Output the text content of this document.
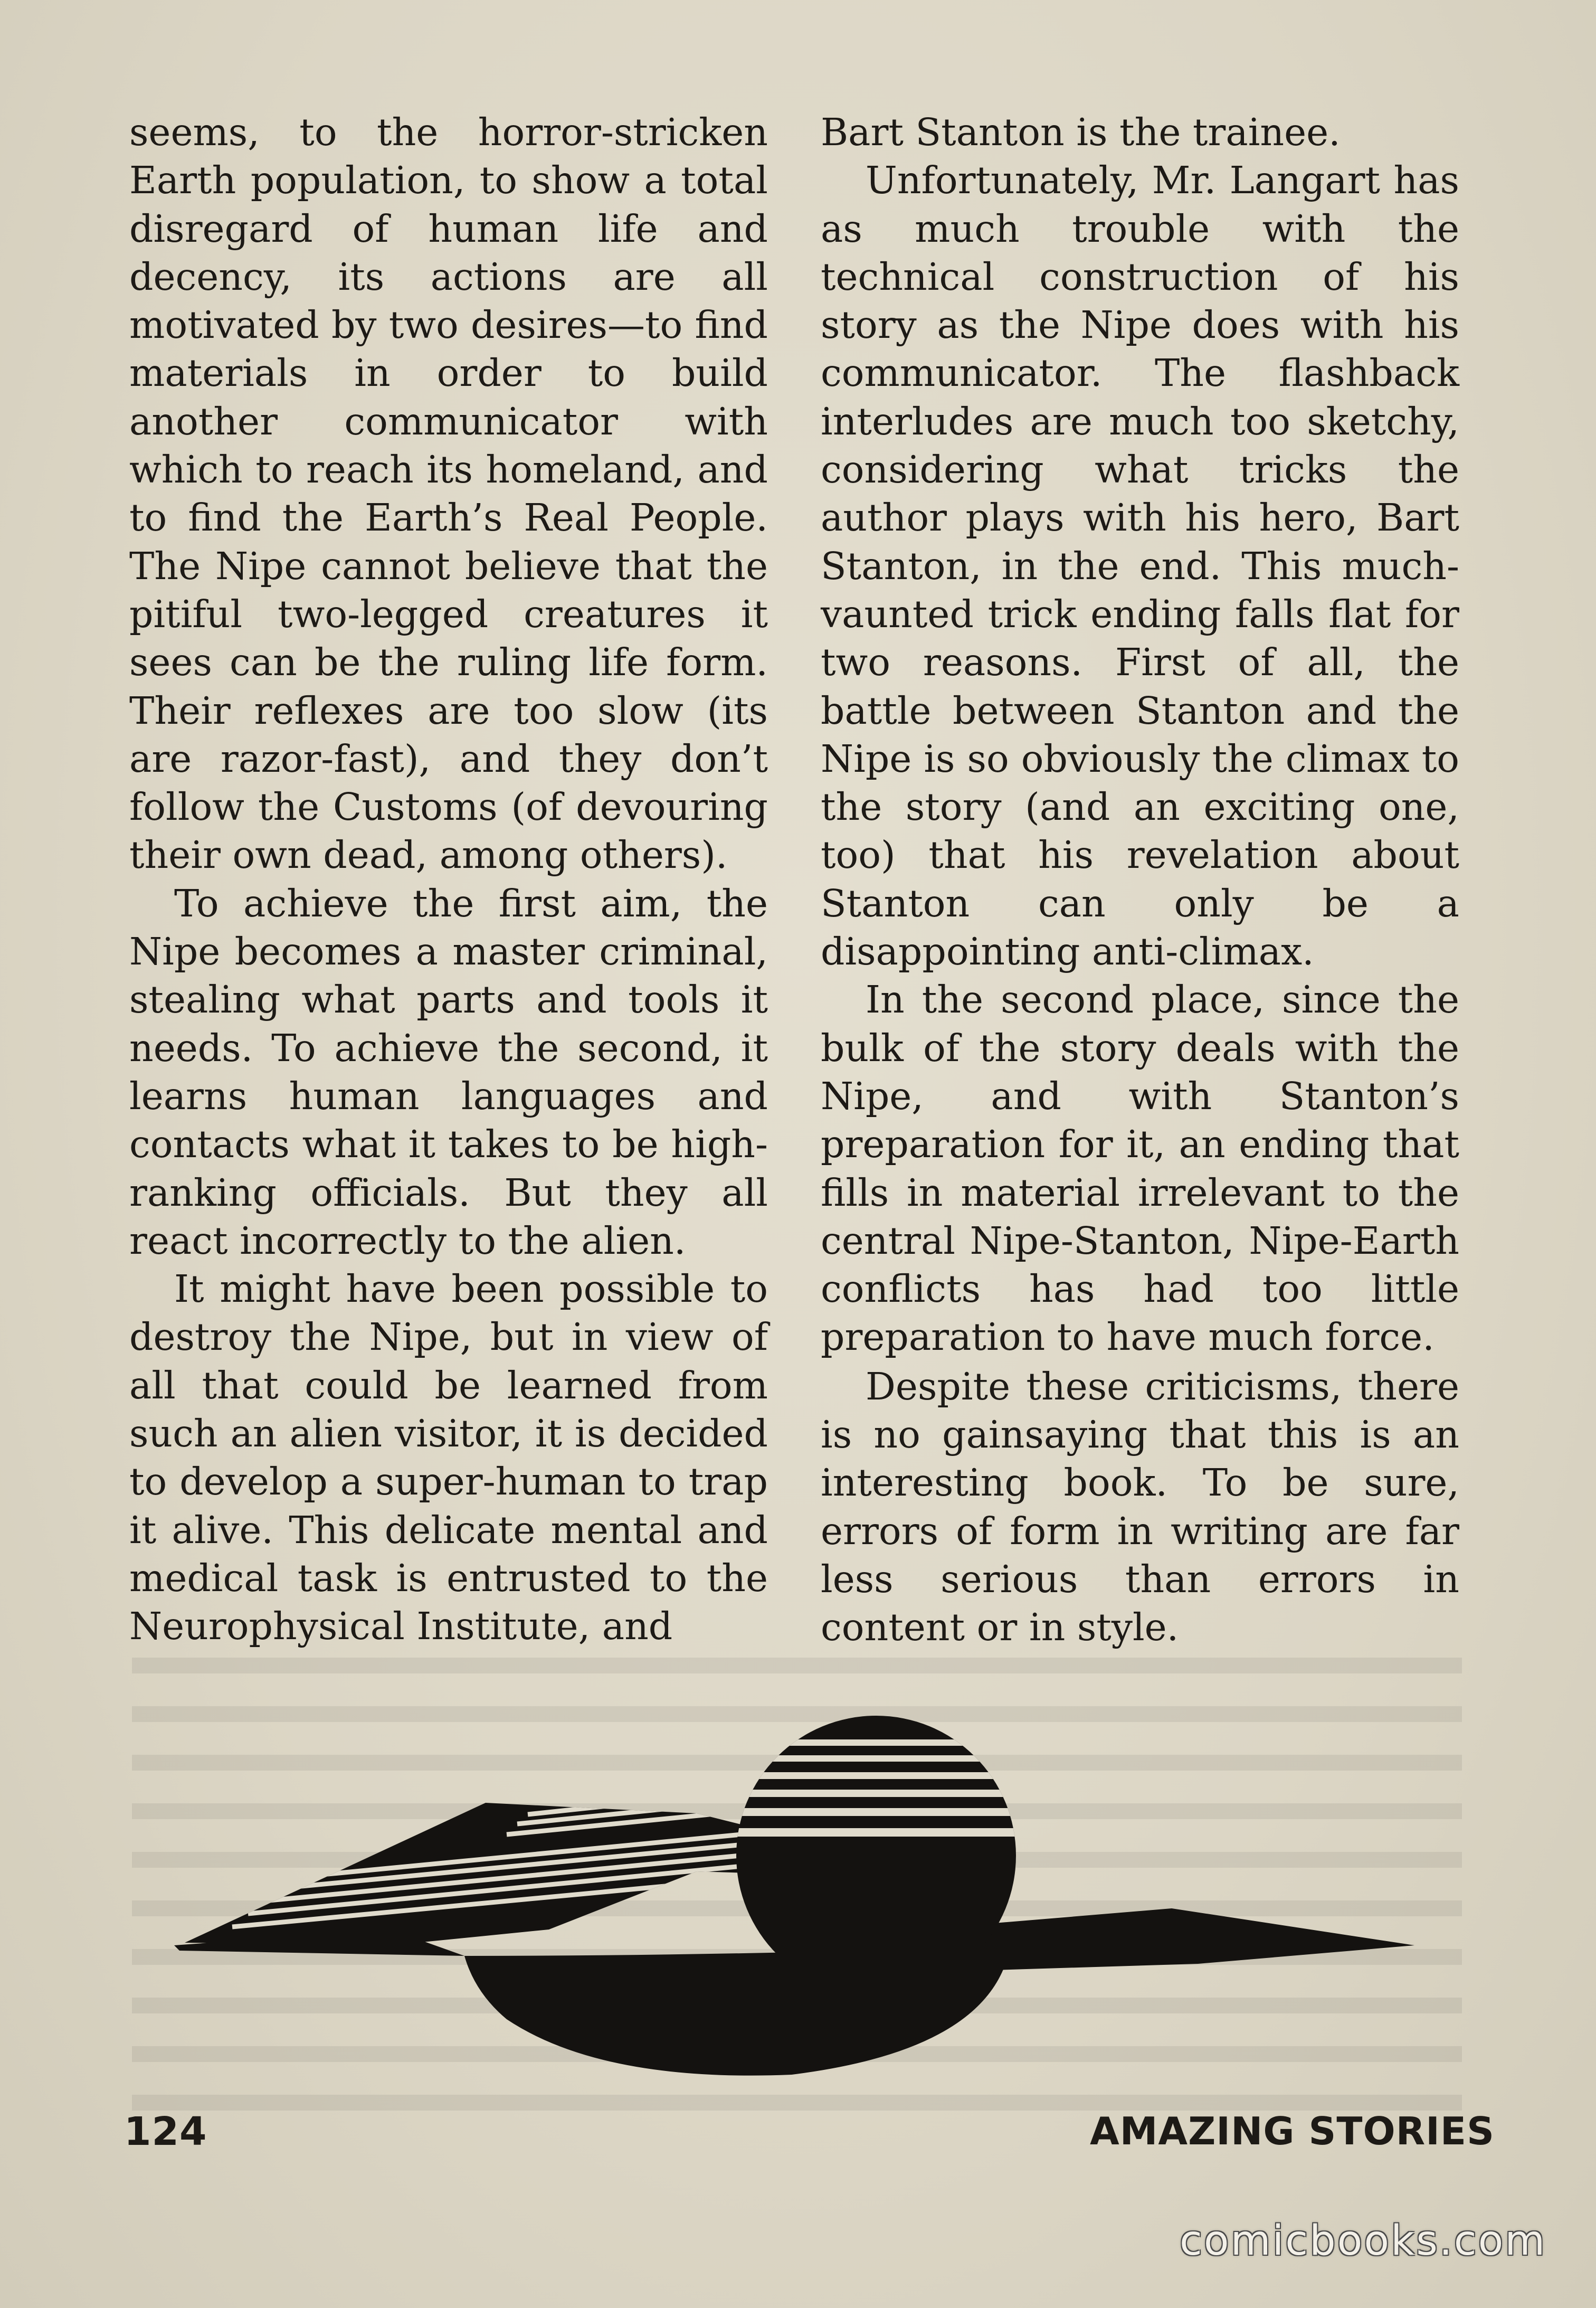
seems, to the horror-stricken Earth population, to show a total disregard of human life and decency, its actions are all motivated by two desires—to find materials in order to build another communicator with which to reach its homeland, and to find the Earth’s Real People. The Nipe cannot believe that the pitiful two-legged creatures it sees can be the ruling life form. Their reflexes are too slow (its are razor-fast), and they don’t follow the Customs (of devouring their own dead, among others).

To achieve the first aim, the Nipe becomes a master criminal, stealing what parts and tools it needs. To achieve the second, it learns human languages and contacts what it takes to be high-ranking officials. But they all react incorrectly to the alien.

It might have been possible to destroy the Nipe, but in view of all that could be learned from such an alien visitor, it is decided to develop a super-human to trap it alive. This delicate mental and medical task is entrusted to the Neurophysical Institute, and

Bart Stanton is the trainee.

Unfortunately, Mr. Langart has as much trouble with the technical construction of his story as the Nipe does with his communicator. The flashback interludes are much too sketchy, considering what tricks the author plays with his hero, Bart Stanton, in the end. This much-vaunted trick ending falls flat for two reasons. First of all, the battle between Stanton and the Nipe is so obviously the climax to the story (and an exciting one, too) that his revelation about Stanton can only be a disappointing anti-climax.

In the second place, since the bulk of the story deals with the Nipe, and with Stanton’s preparation for it, an ending that fills in material irrelevant to the central Nipe-Stanton, Nipe-Earth conflicts has had too little preparation to have much force.

Despite these criticisms, there is no gainsaying that this is an interesting book. To be sure, errors of form in writing are far less serious than errors in content or in style.

124	AMAZING STORIES
comicbooks.com
